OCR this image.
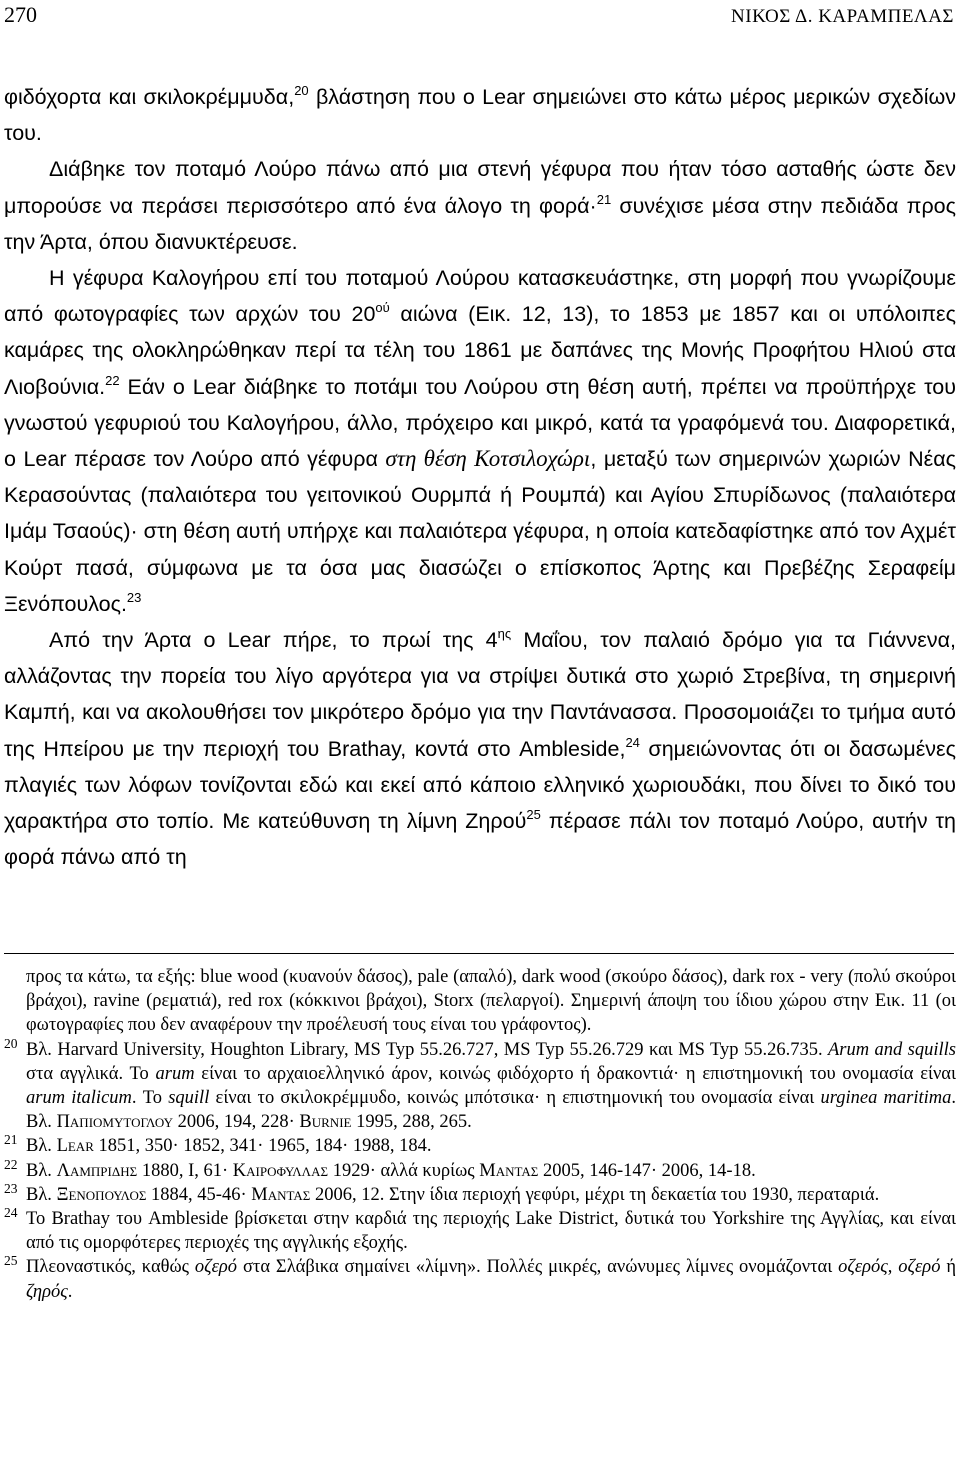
270	ΝΙΚΟΣ Δ. ΚΑΡΑΜΠΕΛΑΣ

φιδόχορτα και σκιλοκρέμμυδα,$^{20}$ βλάστηση που ο Lear σημειώνει στο κάτω μέρος μερικών σχεδίων του.

Διάβηκε τον ποταμό Λούρο πάνω από μια στενή γέφυρα που ήταν τόσο ασταθής ώστε δεν μπορούσε να περάσει περισσότερο από ένα άλογο τη φορά·$^{21}$ συνέχισε μέσα στην πεδιάδα προς την Άρτα, όπου διανυκτέρευσε.

Η γέφυρα Καλογήρου επί του ποταμού Λούρου κατασκευάστηκε, στη μορφή που γνωρίζουμε από φωτογραφίες των αρχών του $20^{oύ}$ αιώνα (Εικ. 12, 13), το 1853 με 1857 και οι υπόλοιπες καμάρες της ολοκληρώθηκαν περί τα τέλη του 1861 με δαπάνες της Μονής Προφήτου Ηλιού στα Λιοβούνια.$^{22}$ Εάν ο Lear διάβηκε το ποτάμι του Λούρου στη θέση αυτή, πρέπει να προϋπήρχε του γνωστού γεφυριού του Καλογήρου, άλλο, πρόχειρο και μικρό, κατά τα γραφόμενά του. Διαφορετικά, ο Lear πέρασε τον Λούρο από γέφυρα στη θέση Κοτσιλοχώρι, μεταξύ των σημερινών χωριών Νέας Κερασούντας (παλαιότερα του γειτονικού Ουρμπά ή Ρουμπά) και Αγίου Σπυρίδωνος (παλαιότερα Ιμάμ Τσαούς)· στη θέση αυτή υπήρχε και παλαιότερα γέφυρα, η οποία κατεδαφίστηκε από τον Αχμέτ Κούρτ πασά, σύμφωνα με τα όσα μας διασώζει ο επίσκοπος Άρτης και Πρεβέζης Σεραφείμ Ξενόπουλος.$^{23}$

Από την Άρτα ο Lear πήρε, το πρωί της $4^{\eta\varsigma}$ Μαΐου, τον παλαιό δρόμο για τα Γιάννενα, αλλάζοντας την πορεία του λίγο αργότερα για να στρίψει δυτικά στο χωριό Στρεβίνα, τη σημερινή Καμπή, και να ακολουθήσει τον μικρότερο δρόμο για την Παντάνασσα. Προσομοιάζει το τμήμα αυτό της Ηπείρου με την περιοχή του Brathay, κοντά στο Ambleside,$^{24}$ σημειώνοντας ότι οι δασωμένες πλαγιές των λόφων τονίζονται εδώ και εκεί από κάποιο ελληνικό χωριουδάκι, που δίνει το δικό του χαρακτήρα στο τοπίο. Με κατεύθυνση τη λίμνη Ζηρού$^{25}$ πέρασε πάλι τον ποταμό Λούρο, αυτήν τη φορά πάνω από τη

προς τα κάτω, τα εξής: blue wood (κυανούν δάσος), pale (απαλό), dark wood (σκούρο δάσος), dark rox - very (πολύ σκούροι βράχοι), ravine (ρεματιά), red rox (κόκκινοι βράχοι), Storx (πελαργοί). Σημερινή άποψη του ίδιου χώρου στην Εικ. 11 (οι φωτογραφίες που δεν αναφέρουν την προέλευσή τους είναι του γράφοντος).

20 Βλ. Harvard University, Houghton Library, MS Typ 55.26.727, MS Typ 55.26.729 και MS Typ 55.26.735. Arum and squills στα αγγλικά. Το arum είναι το αρχαιοελληνικό άρον, κοινώς φιδόχορτο ή δρακοντιά· η επιστημονική του ονομασία είναι arum italicum. Το squill είναι το σκιλοκρέμμυδο, κοινώς μπότσικα· η επιστημονική του ονομασία είναι urginea maritima. Βλ. Παπιομυτογλου 2006, 194, 228· Burnie 1995, 288, 265.

21 Βλ. Lear 1851, 350· 1852, 341· 1965, 184· 1988, 184.

22 Βλ. Λαμπριδης 1880, Ι, 61· Καιροφυλλας 1929· αλλά κυρίως Μαντας 2005, 146-147· 2006, 14-18.

23 Βλ. Ξενοπουλος 1884, 45-46· Μαντας 2006, 12. Στην ίδια περιοχή γεφύρι, μέχρι τη δεκαετία του 1930, περαταριά.

24 Το Brathay του Ambleside βρίσκεται στην καρδιά της περιοχής Lake District, δυτικά του Yorkshire της Αγγλίας, και είναι από τις ομορφότερες περιοχές της αγγλικής εξοχής.

25 Πλεοναστικός, καθώς οζερό στα Σλάβικα σημαίνει «λίμνη». Πολλές μικρές, ανώνυμες λίμνες ονομάζονται οζερός, οζερό ή ζηρός.
